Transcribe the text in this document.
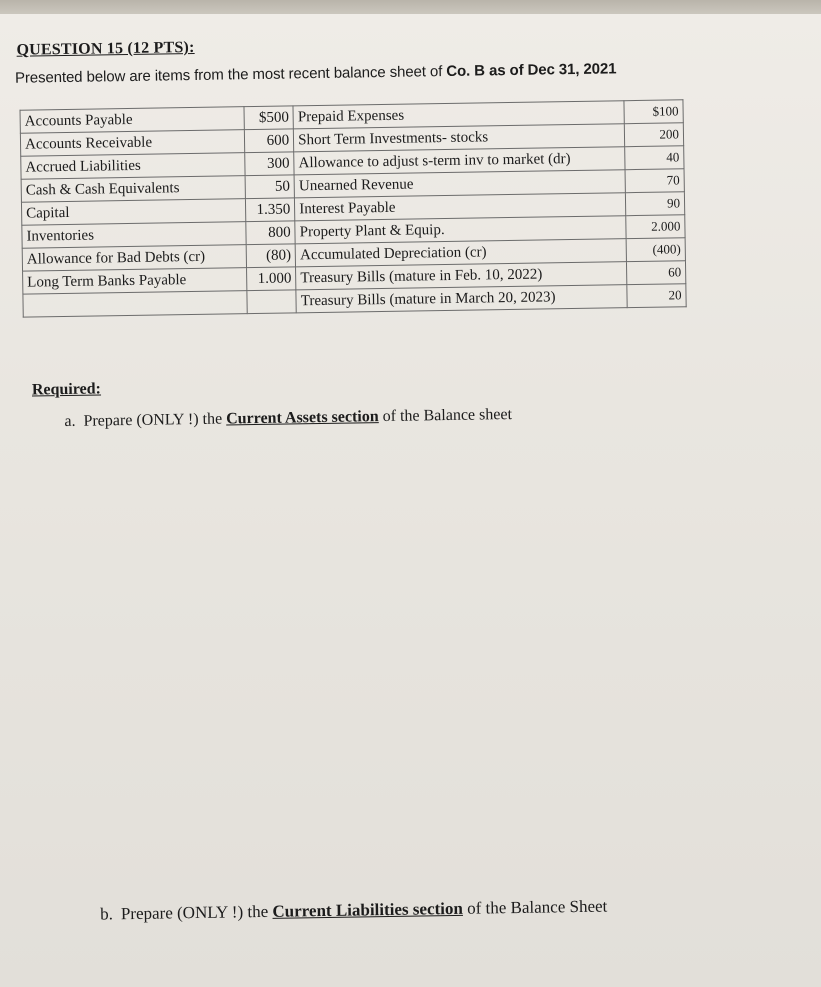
QUESTION 15 (12 PTS):
Presented below are items from the most recent balance sheet of Co. B as of Dec 31, 2021
Accounts Payable	$500	Prepaid Expenses	$100
Accounts Receivable	600	Short Term Investments- stocks	200
Accrued Liabilities	300	Allowance to adjust s-term inv to market (dr)	40
Cash & Cash Equivalents	50	Unearned Revenue	70
Capital	1.350	Interest Payable	90
Inventories	800	Property Plant & Equip.	2.000
Allowance for Bad Debts (cr)	(80)	Accumulated Depreciation (cr)	(400)
Long Term Banks Payable	1.000	Treasury Bills (mature in Feb. 10, 2022)	60
		Treasury Bills (mature in March 20, 2023)	20
Required:
a. Prepare (ONLY !) the Current Assets section of the Balance sheet
b. Prepare (ONLY !) the Current Liabilities section of the Balance Sheet
